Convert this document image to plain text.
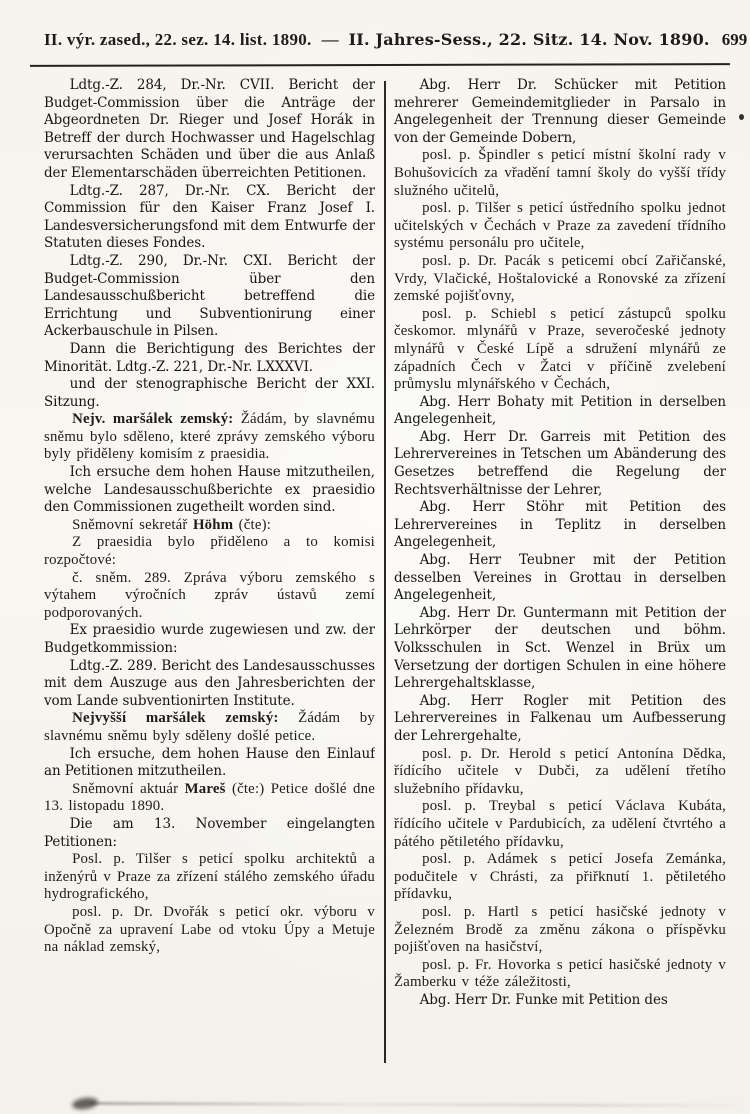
II. výr. zased., 22. sez. 14. list. 1890. — II. Jahres-Sess., 22. Sitz. 14. Nov. 1890. 699

Ldtg.-Z. 284, Dr.-Nr. CVII. Bericht der Budget-Commission über die Anträge der Abgeordneten Dr. Rieger und Josef Horák in Betreff der durch Hochwasser und Hagelschlag verursachten Schäden und über die aus Anlaß der Elementarschäden überreichten Petitionen.

Ldtg.-Z. 287, Dr.-Nr. CX. Bericht der Commission für den Kaiser Franz Josef I. Landesversicherungsfond mit dem Entwurfe der Statuten dieses Fondes.

Ldtg.-Z. 290, Dr.-Nr. CXI. Bericht der Budget-Commission über den Landesausschußbericht betreffend die Errichtung und Subventionirung einer Ackerbauschule in Pilsen.

Dann die Berichtigung des Berichtes der Minorität. Ldtg.-Z. 221, Dr.-Nr. LXXXVI.

und der stenographische Bericht der XXI. Sitzung.

Nejv. maršálek zemský: Žádám, by slavnému sněmu bylo sděleno, které zprávy zemského výboru byly přiděleny komisím z praesidia.

Ich ersuche dem hohen Hause mitzutheilen, welche Landesausschußberichte ex praesidio den Commissionen zugetheilt worden sind.

Sněmovní sekretář Höhm (čte):

Z praesidia bylo přiděleno a to komisi rozpočtové:

č. sněm. 289. Zpráva výboru zemského s výtahem výročních zpráv ústavů zemí podporovaných.

Ex praesidio wurde zugewiesen und zw. der Budgetkommission:

Ldtg.-Z. 289. Bericht des Landesausschusses mit dem Auszuge aus den Jahresberichten der vom Lande subventionirten Institute.

Nejvyšší maršálek zemský: Žádám by slavnému sněmu byly sděleny došlé petice.

Ich ersuche, dem hohen Hause den Einlauf an Petitionen mitzutheilen.

Sněmovní aktuár Mareš (čte:) Petice došlé dne 13. listopadu 1890.

Die am 13. November eingelangten Petitionen:

Posl. p. Tilšer s peticí spolku architektů a inženýrů v Praze za zřízení stálého zemského úřadu hydrografického,

posl. p. Dr. Dvořák s peticí okr. výboru v Opočně za upravení Labe od vtoku Úpy a Metuje na náklad zemský,

Abg. Herr Dr. Schücker mit Petition mehrerer Gemeindemitglieder in Parsalo in Angelegenheit der Trennung dieser Gemeinde von der Gemeinde Dobern,

posl. p. Špindler s peticí místní školní rady v Bohušovicích za vřadění tamní školy do vyšší třídy služného učitelů,

posl. p. Tilšer s peticí ústředního spolku jednot učitelských v Čechách v Praze za zavedení třídního systému personálu pro učitele,

posl. p. Dr. Pacák s peticemi obcí Zařičanské, Vrdy, Vlačické, Hoštalovické a Ronovské za zřízení zemské pojišťovny,

posl. p. Schiebl s peticí zástupců spolku českomor. mlynářů v Praze, severočeské jednoty mlynářů v České Lípě a sdružení mlynářů ze západních Čech v Žatci v příčině zvelebení průmyslu mlynářského v Čechách,

Abg. Herr Bohaty mit Petition in derselben Angelegenheit,

Abg. Herr Dr. Garreis mit Petition des Lehrervereines in Tetschen um Abänderung des Gesetzes betreffend die Regelung der Rechtsverhältnisse der Lehrer,

Abg. Herr Stöhr mit Petition des Lehrervereines in Teplitz in derselben Angelegenheit,

Abg. Herr Teubner mit der Petition desselben Vereines in Grottau in derselben Angelegenheit,

Abg. Herr Dr. Guntermann mit Petition der Lehrkörper der deutschen und böhm. Volksschulen in Sct. Wenzel in Brüx um Versetzung der dortigen Schulen in eine höhere Lehrergehaltsklasse,

Abg. Herr Rogler mit Petition des Lehrervereines in Falkenau um Aufbesserung der Lehrergehalte,

posl. p. Dr. Herold s peticí Antonína Dědka, řídícího učitele v Dubči, za udělení třetího služebního přídavku,

posl. p. Treybal s peticí Václava Kubáta, řídícího učitele v Pardubicích, za udělení čtvrtého a pátého pětiletého přídavku,

posl. p. Adámek s peticí Josefa Zemánka, podučitele v Chrásti, za přiřknutí 1. pětiletého přídavku,

posl. p. Hartl s peticí hasičské jednoty v Železném Brodě za změnu zákona o příspěvku pojišťoven na hasičství,

posl. p. Fr. Hovorka s peticí hasičské jednoty v Žamberku v téže záležitosti,

Abg. Herr Dr. Funke mit Petition des
